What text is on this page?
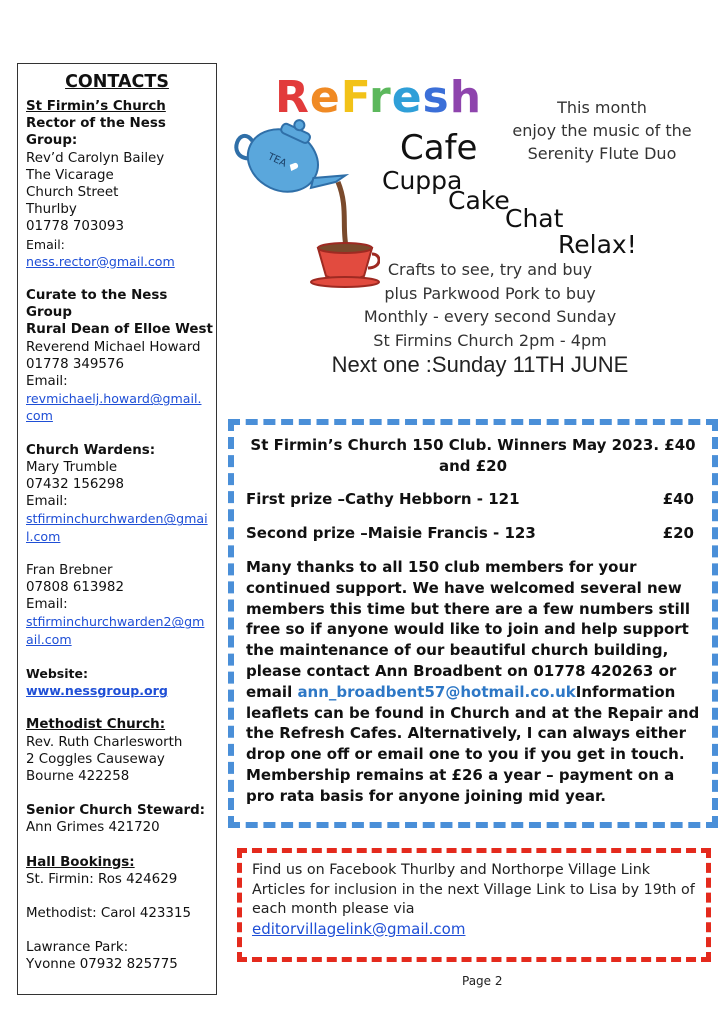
CONTACTS
St Firmin’s Church
Rector of the Ness Group:
Rev’d Carolyn Bailey
The Vicarage
Church Street
Thurlby
01778 703093
Email:
ness.rector@gmail.com
Curate to the Ness Group
Rural Dean of Elloe West
Reverend Michael Howard
01778 349576
Email:
revmichaelj.howard@gmail.com
Church Wardens:
Mary Trumble
07432 156298
Email:
stfirminchurchwarden@gmail.com
Fran Brebner
07808 613982
Email:
stfirminchurchwarden2@gmail.com
Website:
www.nessgroup.org
Methodist Church:
Rev. Ruth Charlesworth
2 Coggles Causeway
Bourne 422258
Senior Church Steward:
Ann Grimes 421720
Hall Bookings:
St. Firmin: Ros 424629
Methodist: Carol 423315
Lawrance Park:
Yvonne 07932 825775
TEA
ReFresh
Cafe
This month
enjoy the music of the
Serenity Flute Duo
Cuppa
Cake
Chat
Relax!
Crafts to see, try and buy
plus Parkwood Pork to buy
Monthly - every second Sunday
St Firmins Church 2pm - 4pm
Next one :Sunday 11TH JUNE
St Firmin’s Church 150 Club. Winners May 2023. £40 and £20
First prize –Cathy Hebborn - 121	£40
Second prize –Maisie Francis - 123	£20
Many thanks to all 150 club members for your continued support. We have welcomed several new members this time but there are a few numbers still free so if anyone would like to join and help support the maintenance of our beautiful church building, please contact Ann Broadbent on 01778 420263 or email ann_broadbent57@hotmail.co.ukInformation leaflets can be found in Church and at the Repair and the Refresh Cafes. Alternatively, I can always either drop one off or email one to you if you get in touch. Membership remains at £26 a year – payment on a pro rata basis for anyone joining mid year.
Find us on Facebook Thurlby and Northorpe Village Link Articles for inclusion in the next Village Link to Lisa by 19th of each month please via
editorvillagelink@gmail.com
Page 2
